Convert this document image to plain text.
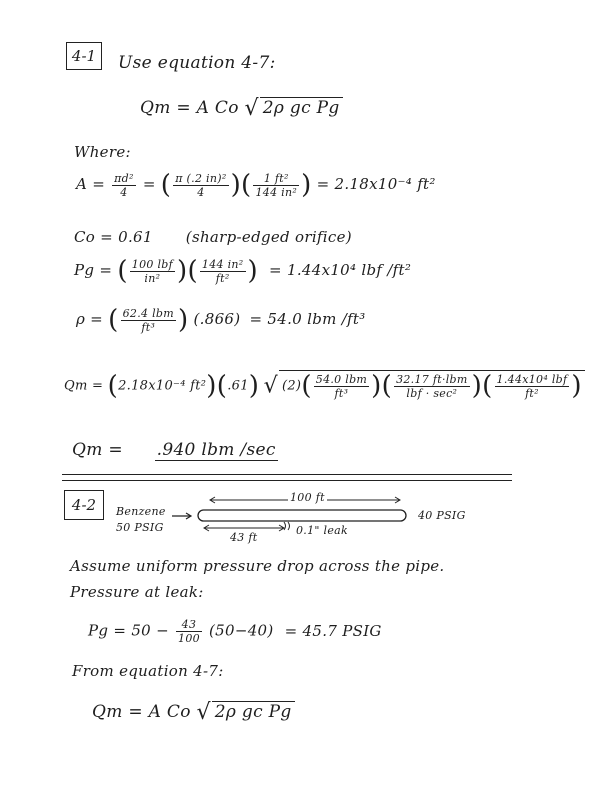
4-1 Use equation 4-7:
Qm = A Co √ 2ρ gc Pg
Where:
$A = \frac{\text{πd²}}{4}$ = ( $\frac{\text{π (.2 in)²}}{4}$ )( $\frac{\text{1 ft²}}{\text{144 in²}}$ ) = 2.18x10⁻⁴ ft²
Co = 0.61 (sharp-edged orifice)
Pg = ( $\frac{\text{100 lbf}}{\text{in²}}$ )( $\frac{\text{144 in²}}{\text{ft²}}$ ) = 1.44x10⁴ lbf /ft²
ρ = ( $\frac{\text{62.4 lbm}}{\text{ft³}}$ ) (.866) = 54.0 lbm /ft³
Qm = (2.18x10⁻⁴ ft²)(.61) √ $(2)( \frac{\text{54.0 lbm}}{\text{ft³}}$ )( $\frac{\text{32.17 ft·lbm}}{\text{lbf · sec²}}$ )( $\frac{\text{1.44x10⁴ lbf}}{\text{ft²}}$ )
Qm = .940 lbm /sec
4-2 Benzene
50 PSIG
100 ft
40 PSIG
43 ft
0.1" leak
Assume uniform pressure drop across the pipe.
Pressure at leak:
$Pg = 50 - \frac{43}{100} (50-40) = 45.7$ PSIG
From equation 4-7:
Qm = A Co √ 2ρ gc Pg
